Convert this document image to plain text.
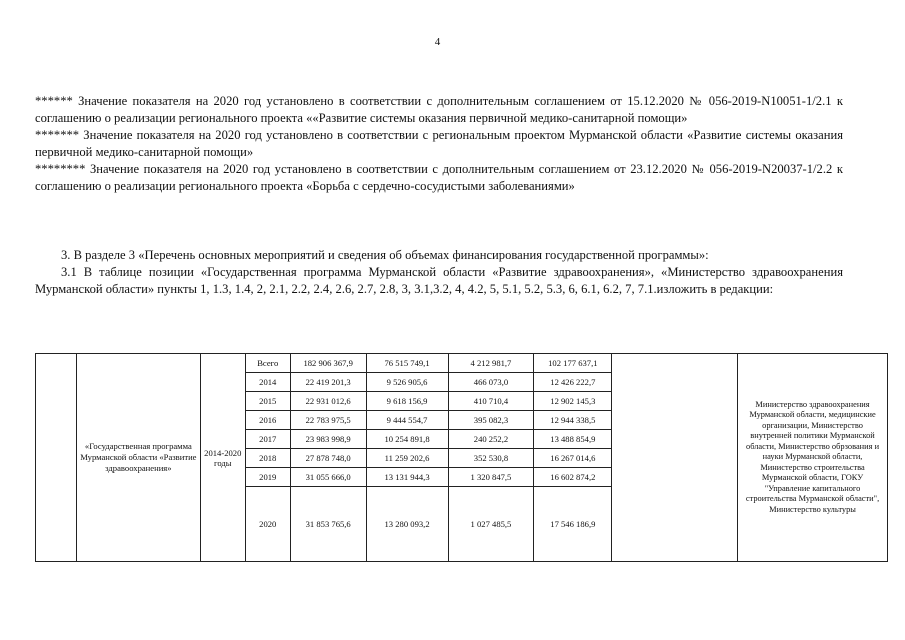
4

****** Значение показателя на 2020 год установлено в соответствии с дополнительным соглашением от 15.12.2020 № 056-2019-N10051-1/2.1 к соглашению о реализации регионального проекта ««Развитие системы оказания первичной медико-санитарной помощи»

******* Значение показателя на 2020 год установлено в соответствии с региональным проектом Мурманской области «Развитие системы оказания первичной медико-санитарной помощи»

******** Значение показателя на 2020 год установлено в соответствии с дополнительным соглашением от 23.12.2020 № 056-2019-N20037-1/2.2 к соглашению о реализации регионального проекта «Борьба с сердечно-сосудистыми заболеваниями»

3. В разделе 3 «Перечень основных мероприятий и сведения об объемах финансирования государственной программы»:

3.1 В таблице позиции «Государственная программа Мурманской области «Развитие здравоохранения», «Министерство здравоохранения Мурманской области» пункты 1, 1.3, 1.4, 2, 2.1, 2.2, 2.4, 2.6, 2.7, 2.8, 3, 3.1,3.2, 4, 4.2, 5, 5.1, 5.2, 5.3, 6, 6.1, 6.2, 7, 7.1.изложить в редакции:

	«Государственная программа Мурманской области «Развитие здравоохранения»	2014-2020 годы	Всего	182 906 367,9	76 515 749,1	4 212 981,7	102 177 637,1		Министерство здравоохранения Мурманской области, медицинские организации, Министерство внутренней политики Мурманской области, Министерство обрзования и науки Мурманской области, Министерство строительства Мурманской области, ГОКУ "Управление капитального строительства Мурманской области", Министерство культуры
			2014	22 419 201,3	9 526 905,6	466 073,0	12 426 222,7		
			2015	22 931 012,6	9 618 156,9	410 710,4	12 902 145,3		
			2016	22 783 975,5	9 444 554,7	395 082,3	12 944 338,5		
			2017	23 983 998,9	10 254 891,8	240 252,2	13 488 854,9		
			2018	27 878 748,0	11 259 202,6	352 530,8	16 267 014,6		
			2019	31 055 666,0	13 131 944,3	1 320 847,5	16 602 874,2		
			2020	31 853 765,6	13 280 093,2	1 027 485,5	17 546 186,9		
